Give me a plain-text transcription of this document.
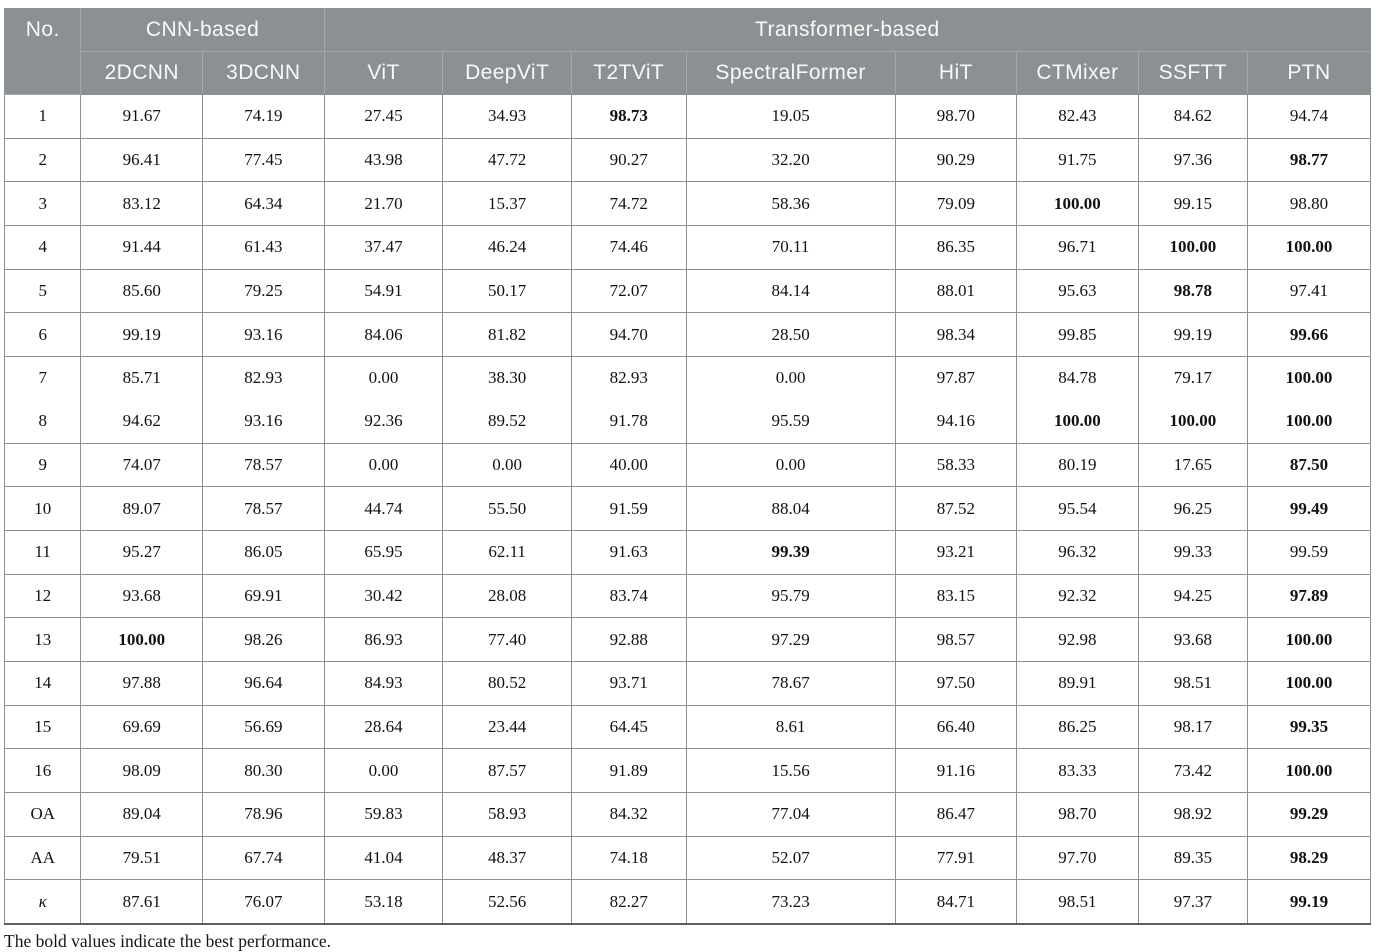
No.	CNN-based		Transformer-based							
	2DCNN	3DCNN	ViT	DeepViT	T2TViT	SpectralFormer	HiT	CTMixer	SSFTT	PTN
1	91.67	74.19	27.45	34.93	98.73	19.05	98.70	82.43	84.62	94.74
2	96.41	77.45	43.98	47.72	90.27	32.20	90.29	91.75	97.36	98.77
3	83.12	64.34	21.70	15.37	74.72	58.36	79.09	100.00	99.15	98.80
4	91.44	61.43	37.47	46.24	74.46	70.11	86.35	96.71	100.00	100.00
5	85.60	79.25	54.91	50.17	72.07	84.14	88.01	95.63	98.78	97.41
6	99.19	93.16	84.06	81.82	94.70	28.50	98.34	99.85	99.19	99.66
7	85.71	82.93	0.00	38.30	82.93	0.00	97.87	84.78	79.17	100.00
8	94.62	93.16	92.36	89.52	91.78	95.59	94.16	100.00	100.00	100.00
9	74.07	78.57	0.00	0.00	40.00	0.00	58.33	80.19	17.65	87.50
10	89.07	78.57	44.74	55.50	91.59	88.04	87.52	95.54	96.25	99.49
11	95.27	86.05	65.95	62.11	91.63	99.39	93.21	96.32	99.33	99.59
12	93.68	69.91	30.42	28.08	83.74	95.79	83.15	92.32	94.25	97.89
13	100.00	98.26	86.93	77.40	92.88	97.29	98.57	92.98	93.68	100.00
14	97.88	96.64	84.93	80.52	93.71	78.67	97.50	89.91	98.51	100.00
15	69.69	56.69	28.64	23.44	64.45	8.61	66.40	86.25	98.17	99.35
16	98.09	80.30	0.00	87.57	91.89	15.56	91.16	83.33	73.42	100.00
OA	89.04	78.96	59.83	58.93	84.32	77.04	86.47	98.70	98.92	99.29
AA	79.51	67.74	41.04	48.37	74.18	52.07	77.91	97.70	89.35	98.29
κ	87.61	76.07	53.18	52.56	82.27	73.23	84.71	98.51	97.37	99.19

The bold values indicate the best performance.
